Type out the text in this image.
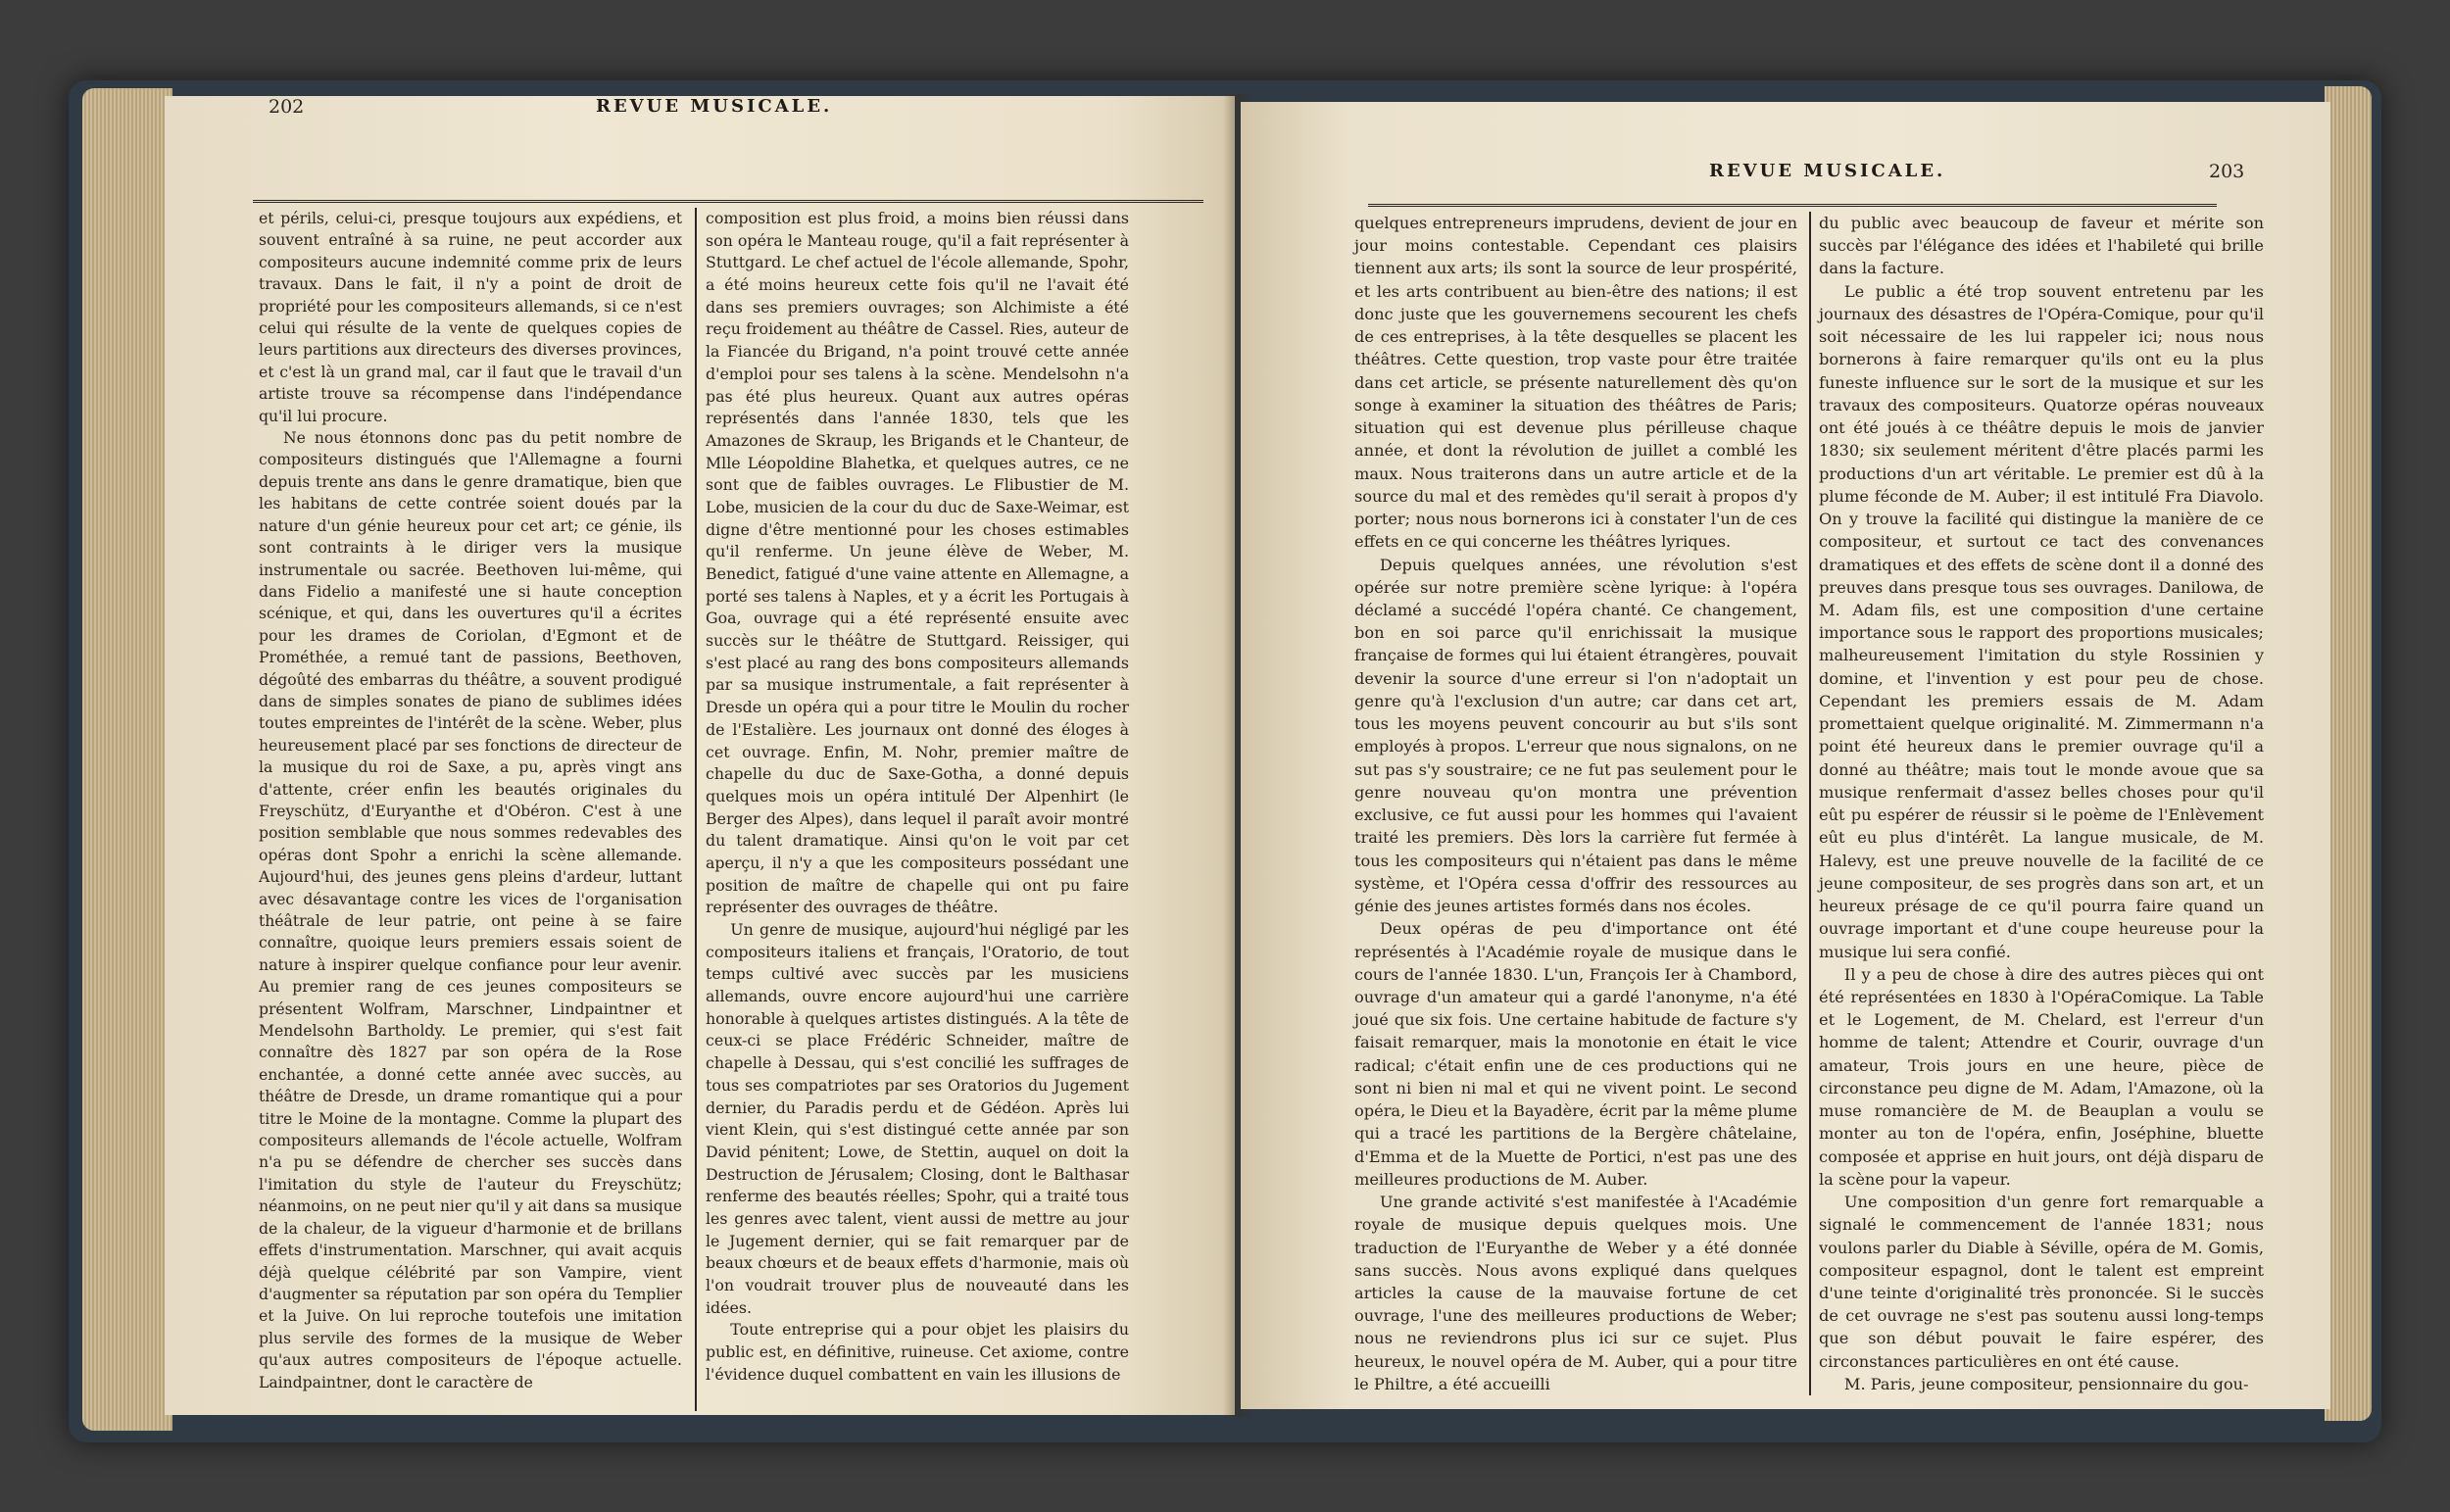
202	REVUE MUSICALE.

et périls, celui-ci, presque toujours aux expédiens, et souvent entraîné à sa ruine, ne peut accorder aux compositeurs aucune indemnité comme prix de leurs travaux. Dans le fait, il n'y a point de droit de propriété pour les compositeurs allemands, si ce n'est celui qui résulte de la vente de quelques copies de leurs partitions aux directeurs des diverses provinces, et c'est là un grand mal, car il faut que le travail d'un artiste trouve sa récompense dans l'indépendance qu'il lui procure.

Ne nous étonnons donc pas du petit nombre de compositeurs distingués que l'Allemagne a fourni depuis trente ans dans le genre dramatique, bien que les habitans de cette contrée soient doués par la nature d'un génie heureux pour cet art; ce génie, ils sont contraints à le diriger vers la musique instrumentale ou sacrée. Beethoven lui-même, qui dans Fidelio a manifesté une si haute conception scénique, et qui, dans les ouvertures qu'il a écrites pour les drames de Coriolan, d'Egmont et de Prométhée, a remué tant de passions, Beethoven, dégoûté des embarras du théâtre, a souvent prodigué dans de simples sonates de piano de sublimes idées toutes empreintes de l'intérêt de la scène. Weber, plus heureusement placé par ses fonctions de directeur de la musique du roi de Saxe, a pu, après vingt ans d'attente, créer enfin les beautés originales du Freyschütz, d'Euryanthe et d'Obéron. C'est à une position semblable que nous sommes redevables des opéras dont Spohr a enrichi la scène allemande. Aujourd'hui, des jeunes gens pleins d'ardeur, luttant avec désavantage contre les vices de l'organisation théâtrale de leur patrie, ont peine à se faire connaître, quoique leurs premiers essais soient de nature à inspirer quelque confiance pour leur avenir. Au premier rang de ces jeunes compositeurs se présentent Wolfram, Marschner, Lindpaintner et Mendelsohn Bartholdy. Le premier, qui s'est fait connaître dès 1827 par son opéra de la Rose enchantée, a donné cette année avec succès, au théâtre de Dresde, un drame romantique qui a pour titre le Moine de la montagne. Comme la plupart des compositeurs allemands de l'école actuelle, Wolfram n'a pu se défendre de chercher ses succès dans l'imitation du style de l'auteur du Freyschütz; néanmoins, on ne peut nier qu'il y ait dans sa musique de la chaleur, de la vigueur d'harmonie et de brillans effets d'instrumentation. Marschner, qui avait acquis déjà quelque célébrité par son Vampire, vient d'augmenter sa réputation par son opéra du Templier et la Juive. On lui reproche toutefois une imitation plus servile des formes de la musique de Weber qu'aux autres compositeurs de l'époque actuelle. Laindpaintner, dont le caractère de

composition est plus froid, a moins bien réussi dans son opéra le Manteau rouge, qu'il a fait représenter à Stuttgard. Le chef actuel de l'école allemande, Spohr, a été moins heureux cette fois qu'il ne l'avait été dans ses premiers ouvrages; son Alchimiste a été reçu froidement au théâtre de Cassel. Ries, auteur de la Fiancée du Brigand, n'a point trouvé cette année d'emploi pour ses talens à la scène. Mendelsohn n'a pas été plus heureux. Quant aux autres opéras représentés dans l'année 1830, tels que les Amazones de Skraup, les Brigands et le Chanteur, de Mlle Léopoldine Blahetka, et quelques autres, ce ne sont que de faibles ouvrages. Le Flibustier de M. Lobe, musicien de la cour du duc de Saxe-Weimar, est digne d'être mentionné pour les choses estimables qu'il renferme. Un jeune élève de Weber, M. Benedict, fatigué d'une vaine attente en Allemagne, a porté ses talens à Naples, et y a écrit les Portugais à Goa, ouvrage qui a été représenté ensuite avec succès sur le théâtre de Stuttgard. Reissiger, qui s'est placé au rang des bons compositeurs allemands par sa musique instrumentale, a fait représenter à Dresde un opéra qui a pour titre le Moulin du rocher de l'Estalière. Les journaux ont donné des éloges à cet ouvrage. Enfin, M. Nohr, premier maître de chapelle du duc de Saxe-Gotha, a donné depuis quelques mois un opéra intitulé Der Alpenhirt (le Berger des Alpes), dans lequel il paraît avoir montré du talent dramatique. Ainsi qu'on le voit par cet aperçu, il n'y a que les compositeurs possédant une position de maître de chapelle qui ont pu faire représenter des ouvrages de théâtre.

Un genre de musique, aujourd'hui négligé par les compositeurs italiens et français, l'Oratorio, de tout temps cultivé avec succès par les musiciens allemands, ouvre encore aujourd'hui une carrière honorable à quelques artistes distingués. A la tête de ceux-ci se place Frédéric Schneider, maître de chapelle à Dessau, qui s'est concilié les suffrages de tous ses compatriotes par ses Oratorios du Jugement dernier, du Paradis perdu et de Gédéon. Après lui vient Klein, qui s'est distingué cette année par son David pénitent; Lowe, de Stettin, auquel on doit la Destruction de Jérusalem; Closing, dont le Balthasar renferme des beautés réelles; Spohr, qui a traité tous les genres avec talent, vient aussi de mettre au jour le Jugement dernier, qui se fait remarquer par de beaux chœurs et de beaux effets d'harmonie, mais où l'on voudrait trouver plus de nouveauté dans les idées.

Toute entreprise qui a pour objet les plaisirs du public est, en définitive, ruineuse. Cet axiome, contre l'évidence duquel combattent en vain les illusions de

REVUE MUSICALE.	203

quelques entrepreneurs imprudens, devient de jour en jour moins contestable. Cependant ces plaisirs tiennent aux arts; ils sont la source de leur prospérité, et les arts contribuent au bien-être des nations; il est donc juste que les gouvernemens secourent les chefs de ces entreprises, à la tête desquelles se placent les théâtres. Cette question, trop vaste pour être traitée dans cet article, se présente naturellement dès qu'on songe à examiner la situation des théâtres de Paris; situation qui est devenue plus périlleuse chaque année, et dont la révolution de juillet a comblé les maux. Nous traiterons dans un autre article et de la source du mal et des remèdes qu'il serait à propos d'y porter; nous nous bornerons ici à constater l'un de ces effets en ce qui concerne les théâtres lyriques.

Depuis quelques années, une révolution s'est opérée sur notre première scène lyrique: à l'opéra déclamé a succédé l'opéra chanté. Ce changement, bon en soi parce qu'il enrichissait la musique française de formes qui lui étaient étrangères, pouvait devenir la source d'une erreur si l'on n'adoptait un genre qu'à l'exclusion d'un autre; car dans cet art, tous les moyens peuvent concourir au but s'ils sont employés à propos. L'erreur que nous signalons, on ne sut pas s'y soustraire; ce ne fut pas seulement pour le genre nouveau qu'on montra une prévention exclusive, ce fut aussi pour les hommes qui l'avaient traité les premiers. Dès lors la carrière fut fermée à tous les compositeurs qui n'étaient pas dans le même système, et l'Opéra cessa d'offrir des ressources au génie des jeunes artistes formés dans nos écoles.

Deux opéras de peu d'importance ont été représentés à l'Académie royale de musique dans le cours de l'année 1830. L'un, François Ier à Chambord, ouvrage d'un amateur qui a gardé l'anonyme, n'a été joué que six fois. Une certaine habitude de facture s'y faisait remarquer, mais la monotonie en était le vice radical; c'était enfin une de ces productions qui ne sont ni bien ni mal et qui ne vivent point. Le second opéra, le Dieu et la Bayadère, écrit par la même plume qui a tracé les partitions de la Bergère châtelaine, d'Emma et de la Muette de Portici, n'est pas une des meilleures productions de M. Auber.

Une grande activité s'est manifestée à l'Académie royale de musique depuis quelques mois. Une traduction de l'Euryanthe de Weber y a été donnée sans succès. Nous avons expliqué dans quelques articles la cause de la mauvaise fortune de cet ouvrage, l'une des meilleures productions de Weber; nous ne reviendrons plus ici sur ce sujet. Plus heureux, le nouvel opéra de M. Auber, qui a pour titre le Philtre, a été accueilli

du public avec beaucoup de faveur et mérite son succès par l'élégance des idées et l'habileté qui brille dans la facture.

Le public a été trop souvent entretenu par les journaux des désastres de l'Opéra-Comique, pour qu'il soit nécessaire de les lui rappeler ici; nous nous bornerons à faire remarquer qu'ils ont eu la plus funeste influence sur le sort de la musique et sur les travaux des compositeurs. Quatorze opéras nouveaux ont été joués à ce théâtre depuis le mois de janvier 1830; six seulement méritent d'être placés parmi les productions d'un art véritable. Le premier est dû à la plume féconde de M. Auber; il est intitulé Fra Diavolo. On y trouve la facilité qui distingue la manière de ce compositeur, et surtout ce tact des convenances dramatiques et des effets de scène dont il a donné des preuves dans presque tous ses ouvrages. Danilowa, de M. Adam fils, est une composition d'une certaine importance sous le rapport des proportions musicales; malheureusement l'imitation du style Rossinien y domine, et l'invention y est pour peu de chose. Cependant les premiers essais de M. Adam promettaient quelque originalité. M. Zimmermann n'a point été heureux dans le premier ouvrage qu'il a donné au théâtre; mais tout le monde avoue que sa musique renfermait d'assez belles choses pour qu'il eût pu espérer de réussir si le poème de l'Enlèvement eût eu plus d'intérêt. La langue musicale, de M. Halevy, est une preuve nouvelle de la facilité de ce jeune compositeur, de ses progrès dans son art, et un heureux présage de ce qu'il pourra faire quand un ouvrage important et d'une coupe heureuse pour la musique lui sera confié.

Il y a peu de chose à dire des autres pièces qui ont été représentées en 1830 à l'OpéraComique. La Table et le Logement, de M. Chelard, est l'erreur d'un homme de talent; Attendre et Courir, ouvrage d'un amateur, Trois jours en une heure, pièce de circonstance peu digne de M. Adam, l'Amazone, où la muse romancière de M. de Beauplan a voulu se monter au ton de l'opéra, enfin, Joséphine, bluette composée et apprise en huit jours, ont déjà disparu de la scène pour la vapeur.

Une composition d'un genre fort remarquable a signalé le commencement de l'année 1831; nous voulons parler du Diable à Séville, opéra de M. Gomis, compositeur espagnol, dont le talent est empreint d'une teinte d'originalité très prononcée. Si le succès de cet ouvrage ne s'est pas soutenu aussi long-temps que son début pouvait le faire espérer, des circonstances particulières en ont été cause.

M. Paris, jeune compositeur, pensionnaire du gou-
